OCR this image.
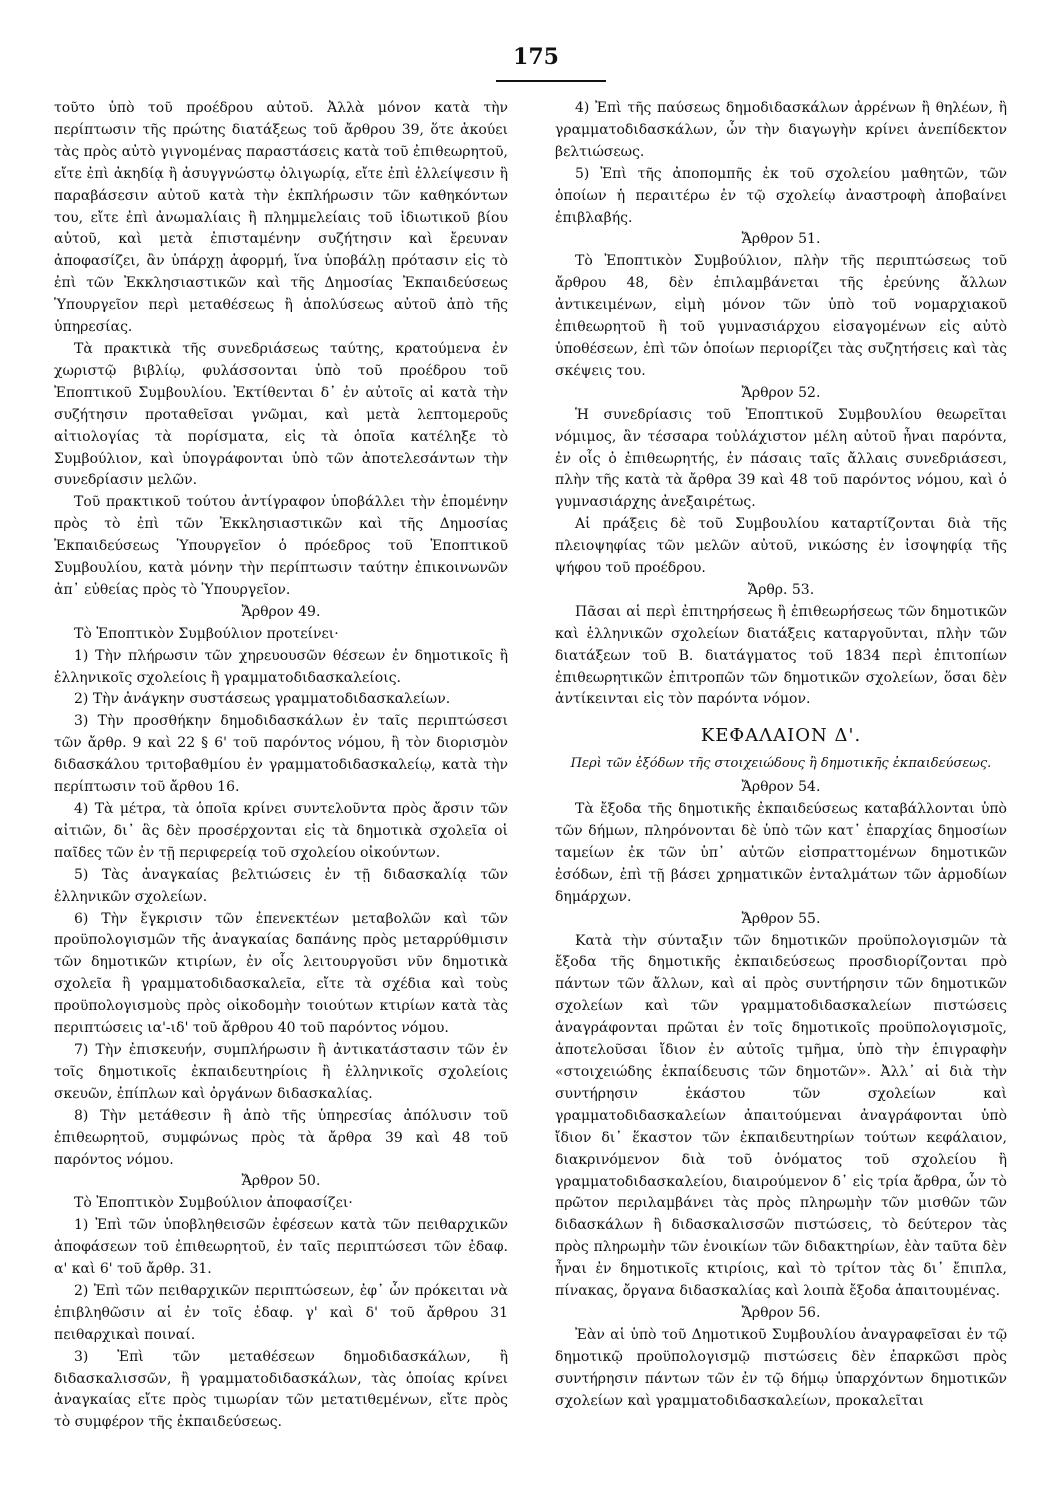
175

τοῦτο ὑπὸ τοῦ προέδρου αὐτοῦ. Ἀλλὰ μόνον κατὰ τὴν περίπτωσιν τῆς πρώτης διατάξεως τοῦ ἄρθρου 39, ὅτε ἀκούει τὰς πρὸς αὐτὸ γιγνομένας παραστάσεις κατὰ τοῦ ἐπιθεωρητοῦ, εἴτε ἐπὶ ἀκηδίᾳ ἢ ἀσυγγνώστῳ ὀλιγωρίᾳ, εἴτε ἐπὶ ἐλλείψεσιν ἢ παραβάσεσιν αὐτοῦ κατὰ τὴν ἐκπλήρωσιν τῶν καθηκόντων του, εἴτε ἐπὶ ἀνωμαλίαις ἢ πλημμελείαις τοῦ ἰδιωτικοῦ βίου αὐτοῦ, καὶ μετὰ ἐπισταμένην συζήτησιν καὶ ἔρευναν ἀποφασίζει, ἂν ὑπάρχῃ ἀφορμή, ἵνα ὑποβάλῃ πρότασιν εἰς τὸ ἐπὶ τῶν Ἐκκλησιαστικῶν καὶ τῆς Δημοσίας Ἐκπαιδεύσεως Ὑπουργεῖον περὶ μεταθέσεως ἢ ἀπολύσεως αὐτοῦ ἀπὸ τῆς ὑπηρεσίας.

Τὰ πρακτικὰ τῆς συνεδριάσεως ταύτης, κρατούμενα ἐν χωριστῷ βιβλίῳ, φυλάσσονται ὑπὸ τοῦ προέδρου τοῦ Ἐποπτικοῦ Συμβουλίου. Ἐκτίθενται δ᾽ ἐν αὐτοῖς αἱ κατὰ τὴν συζήτησιν προταθεῖσαι γνῶμαι, καὶ μετὰ λεπτομεροῦς αἰτιολογίας τὰ πορίσματα, εἰς τὰ ὁποῖα κατέληξε τὸ Συμβούλιον, καὶ ὑπογράφονται ὑπὸ τῶν ἀποτελεσάντων τὴν συνεδρίασιν μελῶν.

Τοῦ πρακτικοῦ τούτου ἀντίγραφον ὑποβάλλει τὴν ἐπομένην πρὸς τὸ ἐπὶ τῶν Ἐκκλησιαστικῶν καὶ τῆς Δημοσίας Ἐκπαιδεύσεως Ὑπουργεῖον ὁ πρόεδρος τοῦ Ἐποπτικοῦ Συμβουλίου, κατὰ μόνην τὴν περίπτωσιν ταύτην ἐπικοινωνῶν ἀπ᾽ εὐθείας πρὸς τὸ Ὑπουργεῖον.

Ἄρθρον 49.

Τὸ Ἐποπτικὸν Συμβούλιον προτείνει·

1) Τὴν πλήρωσιν τῶν χηρευουσῶν θέσεων ἐν δημοτικοῖς ἢ ἑλληνικοῖς σχολείοις ἢ γραμματοδιδασκαλείοις.

2) Τὴν ἀνάγκην συστάσεως γραμματοδιδασκαλείων.

3) Τὴν προσθήκην δημοδιδασκάλων ἐν ταῖς περιπτώσεσι τῶν ἄρθρ. 9 καὶ 22 § 6' τοῦ παρόντος νόμου, ἢ τὸν διορισμὸν διδασκάλου τριτοβαθμίου ἐν γραμματοδιδασκαλείῳ, κατὰ τὴν περίπτωσιν τοῦ ἄρθου 16.

4) Τὰ μέτρα, τὰ ὁποῖα κρίνει συντελοῦντα πρὸς ἄρσιν τῶν αἰτιῶν, δι᾽ ἃς δὲν προσέρχονται εἰς τὰ δημοτικὰ σχολεῖα οἱ παῖδες τῶν ἐν τῇ περιφερείᾳ τοῦ σχολείου οἰκούντων.

5) Τὰς ἀναγκαίας βελτιώσεις ἐν τῇ διδασκαλίᾳ τῶν ἑλληνικῶν σχολείων.

6) Τὴν ἔγκρισιν τῶν ἐπενεκτέων μεταβολῶν καὶ τῶν προϋπολογισμῶν τῆς ἀναγκαίας δαπάνης πρὸς μεταρρύθμισιν τῶν δημοτικῶν κτιρίων, ἐν οἷς λειτουργοῦσι νῦν δημοτικὰ σχολεῖα ἢ γραμματοδιδασκαλεῖα, εἴτε τὰ σχέδια καὶ τοὺς προϋπολογισμοὺς πρὸς οἰκοδομὴν τοιούτων κτιρίων κατὰ τὰς περιπτώσεις ια'-ιδ' τοῦ ἄρθρου 40 τοῦ παρόντος νόμου.

7) Τὴν ἐπισκευήν, συμπλήρωσιν ἢ ἀντικατάστασιν τῶν ἐν τοῖς δημοτικοῖς ἐκπαιδευτηρίοις ἢ ἑλληνικοῖς σχολείοις σκευῶν, ἐπίπλων καὶ ὀργάνων διδασκαλίας.

8) Τὴν μετάθεσιν ἢ ἀπὸ τῆς ὑπηρεσίας ἀπόλυσιν τοῦ ἐπιθεωρητοῦ, συμφώνως πρὸς τὰ ἄρθρα 39 καὶ 48 τοῦ παρόντος νόμου.

Ἄρθρον 50.

Τὸ Ἐποπτικὸν Συμβούλιον ἀποφασίζει·

1) Ἐπὶ τῶν ὑποβληθεισῶν ἐφέσεων κατὰ τῶν πειθαρχικῶν ἀποφάσεων τοῦ ἐπιθεωρητοῦ, ἐν ταῖς περιπτώσεσι τῶν ἐδαφ. α' καὶ 6' τοῦ ἄρθρ. 31.

2) Ἐπὶ τῶν πειθαρχικῶν περιπτώσεων, ἐφ᾽ ὧν πρόκειται νὰ ἐπιβληθῶσιν αἱ ἐν τοῖς ἐδαφ. γ' καὶ δ' τοῦ ἄρθρου 31 πειθαρχικαὶ ποιναί.

3) Ἐπὶ τῶν μεταθέσεων δημοδιδασκάλων, ἢ διδασκαλισσῶν, ἢ γραμματοδιδασκάλων, τὰς ὁποίας κρίνει ἀναγκαίας εἴτε πρὸς τιμωρίαν τῶν μετατιθεμένων, εἴτε πρὸς τὸ συμφέρον τῆς ἐκπαιδεύσεως.

4) Ἐπὶ τῆς παύσεως δημοδιδασκάλων ἀρρένων ἢ θηλέων, ἢ γραμματοδιδασκάλων, ὧν τὴν διαγωγὴν κρίνει ἀνεπίδεκτον βελτιώσεως.

5) Ἐπὶ τῆς ἀποπομπῆς ἐκ τοῦ σχολείου μαθητῶν, τῶν ὁποίων ἡ περαιτέρω ἐν τῷ σχολείῳ ἀναστροφὴ ἀποβαίνει ἐπιβλαβής.

Ἄρθρον 51.

Τὸ Ἐποπτικὸν Συμβούλιον, πλὴν τῆς περιπτώσεως τοῦ ἄρθρου 48, δὲν ἐπιλαμβάνεται τῆς ἐρεύνης ἄλλων ἀντικειμένων, εἰμὴ μόνον τῶν ὑπὸ τοῦ νομαρχιακοῦ ἐπιθεωρητοῦ ἢ τοῦ γυμνασιάρχου εἰσαγομένων εἰς αὐτὸ ὑποθέσεων, ἐπὶ τῶν ὁποίων περιορίζει τὰς συζητήσεις καὶ τὰς σκέψεις του.

Ἄρθρον 52.

Ἡ συνεδρίασις τοῦ Ἐποπτικοῦ Συμβουλίου θεωρεῖται νόμιμος, ἂν τέσσαρα τοὐλάχιστον μέλη αὐτοῦ ἦναι παρόντα, ἐν οἷς ὁ ἐπιθεωρητής, ἐν πάσαις ταῖς ἄλλαις συνεδριάσεσι, πλὴν τῆς κατὰ τὰ ἄρθρα 39 καὶ 48 τοῦ παρόντος νόμου, καὶ ὁ γυμνασιάρχης ἀνεξαιρέτως.

Αἱ πράξεις δὲ τοῦ Συμβουλίου καταρτίζονται διὰ τῆς πλειοψηφίας τῶν μελῶν αὐτοῦ, νικώσης ἐν ἰσοψηφίᾳ τῆς ψήφου τοῦ προέδρου.

Ἄρθρ. 53.

Πᾶσαι αἱ περὶ ἐπιτηρήσεως ἢ ἐπιθεωρήσεως τῶν δημοτικῶν καὶ ἑλληνικῶν σχολείων διατάξεις καταργοῦνται, πλὴν τῶν διατάξεων τοῦ Β. διατάγματος τοῦ 1834 περὶ ἐπιτοπίων ἐπιθεωρητικῶν ἐπιτροπῶν τῶν δημοτικῶν σχολείων, ὅσαι δὲν ἀντίκεινται εἰς τὸν παρόντα νόμον.

ΚΕΦΑΛΑΙΟΝ Δ'.

Περὶ τῶν ἐξόδων τῆς στοιχειώδους ἢ δημοτικῆς ἐκπαιδεύσεως.

Ἄρθρον 54.

Τὰ ἔξοδα τῆς δημοτικῆς ἐκπαιδεύσεως καταβάλλονται ὑπὸ τῶν δήμων, πληρόνονται δὲ ὑπὸ τῶν κατ᾽ ἐπαρχίας δημοσίων ταμείων ἐκ τῶν ὑπ᾽ αὐτῶν εἰσπραττομένων δημοτικῶν ἐσόδων, ἐπὶ τῇ βάσει χρηματικῶν ἐνταλμάτων τῶν ἁρμοδίων δημάρχων.

Ἄρθρον 55.

Κατὰ τὴν σύνταξιν τῶν δημοτικῶν προϋπολογισμῶν τὰ ἔξοδα τῆς δημοτικῆς ἐκπαιδεύσεως προσδιορίζονται πρὸ πάντων τῶν ἄλλων, καὶ αἱ πρὸς συντήρησιν τῶν δημοτικῶν σχολείων καὶ τῶν γραμματοδιδασκαλείων πιστώσεις ἀναγράφονται πρῶται ἐν τοῖς δημοτικοῖς προϋπολογισμοῖς, ἀποτελοῦσαι ἴδιον ἐν αὐτοῖς τμῆμα, ὑπὸ τὴν ἐπιγραφὴν «στοιχειώδης ἐκπαίδευσις τῶν δημοτῶν». Ἀλλ᾽ αἱ διὰ τὴν συντήρησιν ἑκάστου τῶν σχολείων καὶ γραμματοδιδασκαλείων ἀπαιτούμεναι ἀναγράφονται ὑπὸ ἴδιον δι᾽ ἕκαστον τῶν ἐκπαιδευτηρίων τούτων κεφάλαιον, διακρινόμενον διὰ τοῦ ὀνόματος τοῦ σχολείου ἢ γραμματοδιδασκαλείου, διαιρούμενον δ᾽ εἰς τρία ἄρθρα, ὧν τὸ πρῶτον περιλαμβάνει τὰς πρὸς πληρωμὴν τῶν μισθῶν τῶν διδασκάλων ἢ διδασκαλισσῶν πιστώσεις, τὸ δεύτερον τὰς πρὸς πληρωμὴν τῶν ἐνοικίων τῶν διδακτηρίων, ἐὰν ταῦτα δὲν ἦναι ἐν δημοτικοῖς κτιρίοις, καὶ τὸ τρίτον τὰς δι᾽ ἔπιπλα, πίνακας, ὄργανα διδασκαλίας καὶ λοιπὰ ἔξοδα ἀπαιτουμένας.

Ἄρθρον 56.

Ἐὰν αἱ ὑπὸ τοῦ Δημοτικοῦ Συμβουλίου ἀναγραφεῖσαι ἐν τῷ δημοτικῷ προϋπολογισμῷ πιστώσεις δὲν ἐπαρκῶσι πρὸς συντήρησιν πάντων τῶν ἐν τῷ δήμῳ ὑπαρχόντων δημοτικῶν σχολείων καὶ γραμματοδιδασκαλείων, προκαλεῖται
